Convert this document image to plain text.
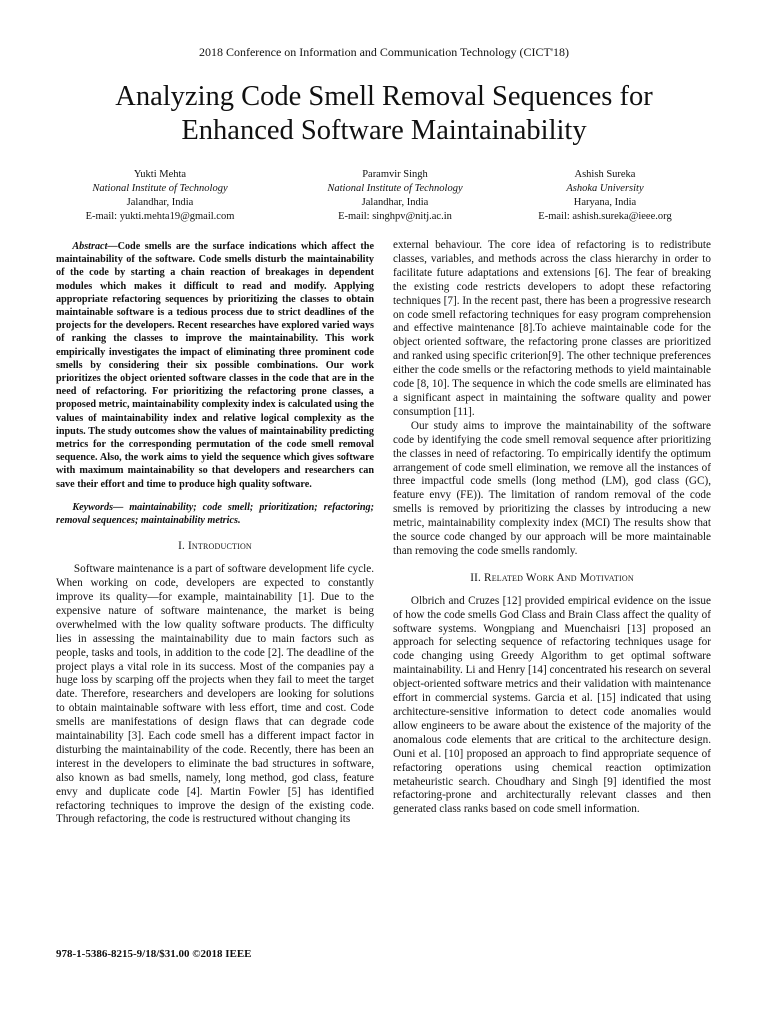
2018 Conference on Information and Communication Technology (CICT'18)
Analyzing Code Smell Removal Sequences for
Enhanced Software Maintainability
Yukti Mehta
National Institute of Technology
Jalandhar, India
E-mail: yukti.mehta19@gmail.com
Paramvir Singh
National Institute of Technology
Jalandhar, India
E-mail: singhpv@nitj.ac.in
Ashish Sureka
Ashoka University
Haryana, India
E-mail: ashish.sureka@ieee.org

Abstract—Code smells are the surface indications which affect the maintainability of the software. Code smells disturb the maintainability of the code by starting a chain reaction of breakages in dependent modules which makes it difficult to read and modify. Applying appropriate refactoring sequences by prioritizing the classes to obtain maintainable software is a tedious process due to strict deadlines of the projects for the developers. Recent researches have explored varied ways of ranking the classes to improve the maintainability. This work empirically investigates the impact of eliminating three prominent code smells by considering their six possible combinations. Our work prioritizes the object oriented software classes in the code that are in the need of refactoring. For prioritizing the refactoring prone classes, a proposed metric, maintainability complexity index is calculated using the values of maintainability index and relative logical complexity as the inputs. The study outcomes show the values of maintainability predicting metrics for the corresponding permutation of the code smell removal sequence. Also, the work aims to yield the sequence which gives software with maximum maintainability so that developers and researchers can save their effort and time to produce high quality software.

Keywords— maintainability; code smell; prioritization; refactoring; removal sequences; maintainability metrics.

I. Introduction

Software maintenance is a part of software development life cycle. When working on code, developers are expected to constantly improve its quality—for example, maintainability [1]. Due to the expensive nature of software maintenance, the market is being overwhelmed with the low quality software products. The difficulty lies in assessing the maintainability due to main factors such as people, tasks and tools, in addition to the code [2]. The deadline of the project plays a vital role in its success. Most of the companies pay a huge loss by scarping off the projects when they fail to meet the target date. Therefore, researchers and developers are looking for solutions to obtain maintainable software with less effort, time and cost. Code smells are manifestations of design flaws that can degrade code maintainability [3]. Each code smell has a different impact factor in disturbing the maintainability of the code. Recently, there has been an interest in the developers to eliminate the bad structures in software, also known as bad smells, namely, long method, god class, feature envy and duplicate code [4]. Martin Fowler [5] has identified refactoring techniques to improve the design of the existing code. Through refactoring, the code is restructured without changing its

external behaviour. The core idea of refactoring is to redistribute classes, variables, and methods across the class hierarchy in order to facilitate future adaptations and extensions [6]. The fear of breaking the existing code restricts developers to adopt these refactoring techniques [7]. In the recent past, there has been a progressive research on code smell refactoring techniques for easy program comprehension and effective maintenance [8].To achieve maintainable code for the object oriented software, the refactoring prone classes are prioritized and ranked using specific criterion[9]. The other technique preferences either the code smells or the refactoring methods to yield maintainable code [8, 10]. The sequence in which the code smells are eliminated has a significant aspect in maintaining the software quality and power consumption [11].

Our study aims to improve the maintainability of the software code by identifying the code smell removal sequence after prioritizing the classes in need of refactoring. To empirically identify the optimum arrangement of code smell elimination, we remove all the instances of three impactful code smells (long method (LM), god class (GC), feature envy (FE)). The limitation of random removal of the code smells is removed by prioritizing the classes by introducing a new metric, maintainability complexity index (MCI) The results show that the source code changed by our approach will be more maintainable than removing the code smells randomly.

II. Related Work And Motivation

Olbrich and Cruzes [12] provided empirical evidence on the issue of how the code smells God Class and Brain Class affect the quality of software systems. Wongpiang and Muenchaisri [13] proposed an approach for selecting sequence of refactoring techniques usage for code changing using Greedy Algorithm to get optimal software maintainability. Li and Henry [14] concentrated his research on several object-oriented software metrics and their validation with maintenance effort in commercial systems. Garcia et al. [15] indicated that using architecture-sensitive information to detect code anomalies would allow engineers to be aware about the existence of the majority of the anomalous code elements that are critical to the architecture design. Ouni et al. [10] proposed an approach to find appropriate sequence of refactoring operations using chemical reaction optimization metaheuristic search. Choudhary and Singh [9] identified the most refactoring-prone and architecturally relevant classes and then generated class ranks based on code smell information.

978-1-5386-8215-9/18/$31.00 ©2018 IEEE
